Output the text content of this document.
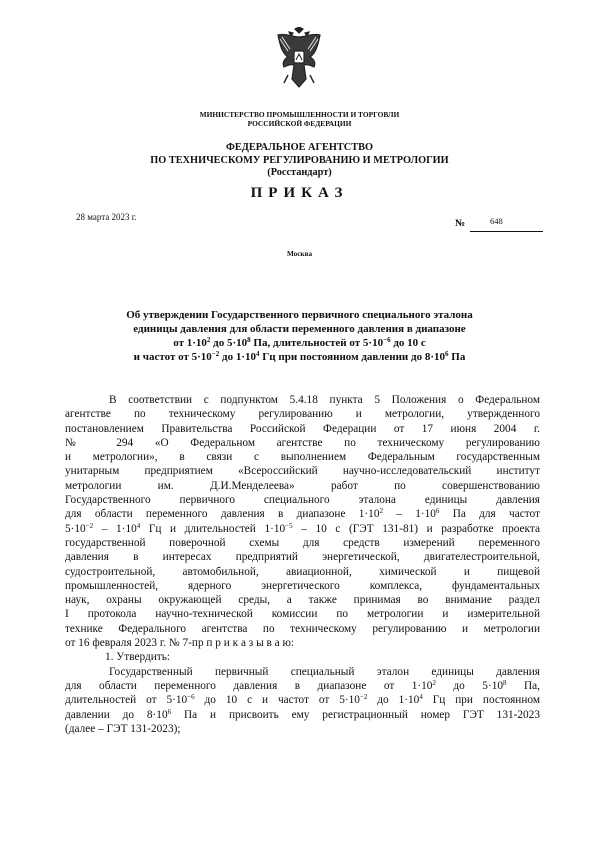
МИНИСТЕРСТВО ПРОМЫШЛЕННОСТИ И ТОРГОВЛИ
РОССИЙСКОЙ ФЕДЕРАЦИИ
ФЕДЕРАЛЬНОЕ АГЕНТСТВО
ПО ТЕХНИЧЕСКОМУ РЕГУЛИРОВАНИЮ И МЕТРОЛОГИИ
(Росстандарт)
ПРИКАЗ
28 марта 2023 г.
№	648
Москва
Об утверждении Государственного первичного специального эталона
единицы давления для области переменного давления в диапазоне
от $1\cdot 10^2$ до $5\cdot 10^8$ Па, длительностей от $5\cdot 10^{-6}$ до 10 с
и частот от $5\cdot 10^{-2}$ до $1\cdot 10^4$ Гц при постоянном давлении до $8\cdot 10^6$ Па
В соответствии с подпунктом 5.4.18 пункта 5 Положения о Федеральном
агентстве по техническому регулированию и метрологии, утвержденного
постановлением Правительства Российской Федерации от 17 июня 2004 г.
№ 294 «О Федеральном агентстве по техническому регулированию
и метрологии», в связи с выполнением Федеральным государственным
унитарным предприятием «Всероссийский научно-исследовательский институт
метрологии им. Д.И.Менделеева» работ по совершенствованию
Государственного первичного специального эталона единицы давления
для области переменного давления в диапазоне $1\cdot 10^2 - 1\cdot 10^6$ Па для частот
$5\cdot 10^{-2} - 1\cdot 10^4$ Гц и длительностей $1\cdot 10^{-5} - 10$ с (ГЭТ 131-81) и разработке проекта
государственной поверочной схемы для средств измерений переменного
давления в интересах предприятий энергетической, двигателестроительной,
судостроительной, автомобильной, авиационной, химической и пищевой
промышленностей, ядерного энергетического комплекса, фундаментальных
наук, охраны окружающей среды, а также принимая во внимание раздел
I протокола научно-технической комиссии по метрологии и измерительной
технике Федерального агентства по техническому регулированию и метрологии
от 16 февраля 2023 г. № 7-пр п р и к а з ы в а ю:
1. Утвердить:
Государственный первичный специальный эталон единицы давления
для области переменного давления в диапазоне от $1\cdot 10^2$ до $5\cdot 10^8$ Па,
длительностей от $5\cdot 10^{-6}$ до 10 с и частот от $5\cdot 10^{-2}$ до $1\cdot 10^4$ Гц при постоянном
давлении до $8\cdot 10^6$ Па и присвоить ему регистрационный номер ГЭТ 131-2023
(далее – ГЭТ 131-2023);
